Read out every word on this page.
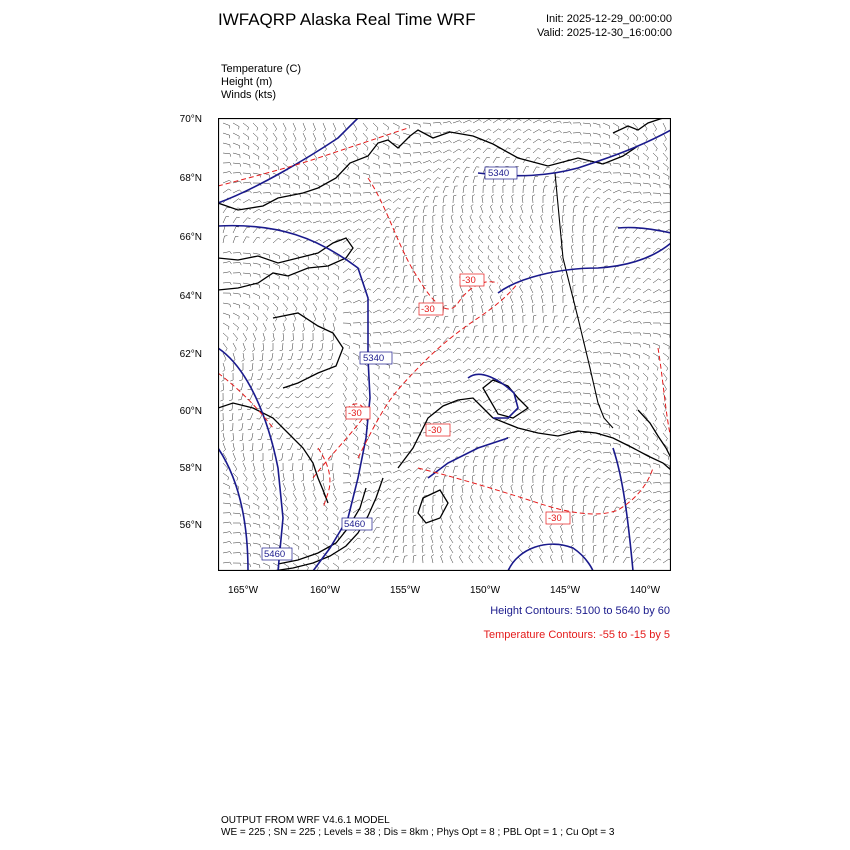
IWFAQRP Alaska Real Time WRF	Init: 2025-12-29_00:00:00
Valid: 2025-12-30_16:00:00
Temperature (C)
Height (m)
Winds (kts)
70°N
68°N
66°N
64°N
62°N
60°N
58°N
56°N
165°W	160°W	155°W	150°W	145°W	140°W
5340
5340
5460
5460
-30
-30
-30
-30
-30
Height Contours: 5100 to 5640 by 60
Temperature Contours: -55 to -15 by 5
OUTPUT FROM WRF V4.6.1 MODEL
WE = 225 ; SN = 225 ; Levels = 38 ; Dis = 8km ; Phys Opt = 8 ; PBL Opt = 1 ; Cu Opt = 3
